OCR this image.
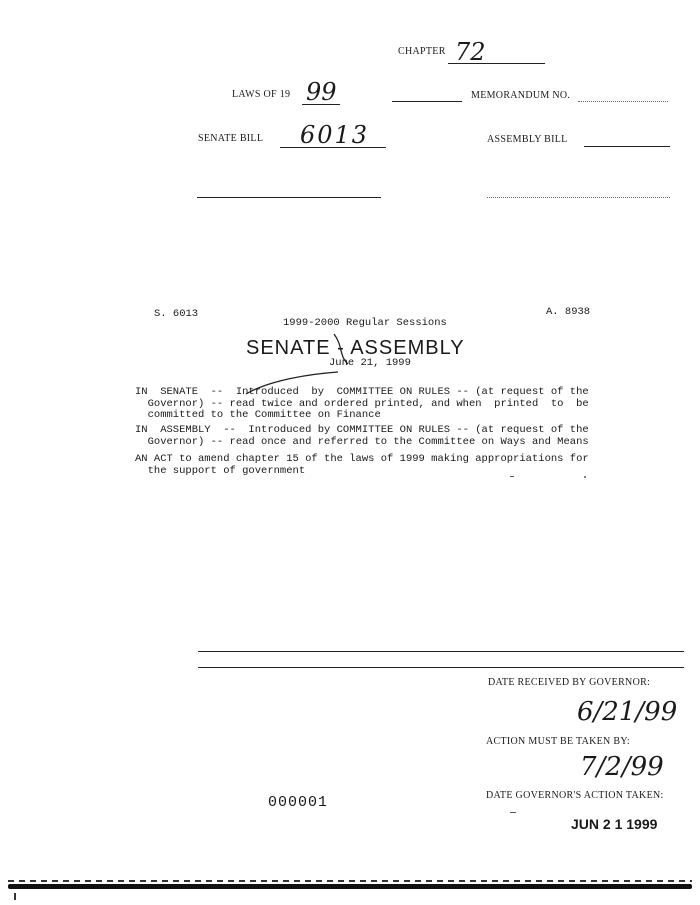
CHAPTER 72
LAWS OF 19 99	MEMORANDUM NO.
SENATE BILL 6013	ASSEMBLY BILL
S. 6013	A. 8938
1999-2000 Regular Sessions
SENATE - ASSEMBLY
June 21, 1999
IN  SENATE  --  Introduced  by  COMMITTEE ON RULES -- (at request of the
Governor) -- read twice and ordered printed, and when  printed  to  be
committed to the Committee on Finance
IN  ASSEMBLY  --  Introduced by COMMITTEE ON RULES -- (at request of the
Governor) -- read once and referred to the Committee on Ways and Means
AN ACT to amend chapter 15 of the laws of 1999 making appropriations for
the support of government
DATE RECEIVED BY GOVERNOR:
6/21/99
ACTION MUST BE TAKEN BY:
7/2/99
000001	DATE GOVERNOR'S ACTION TAKEN:
JUN 2 1 1999
